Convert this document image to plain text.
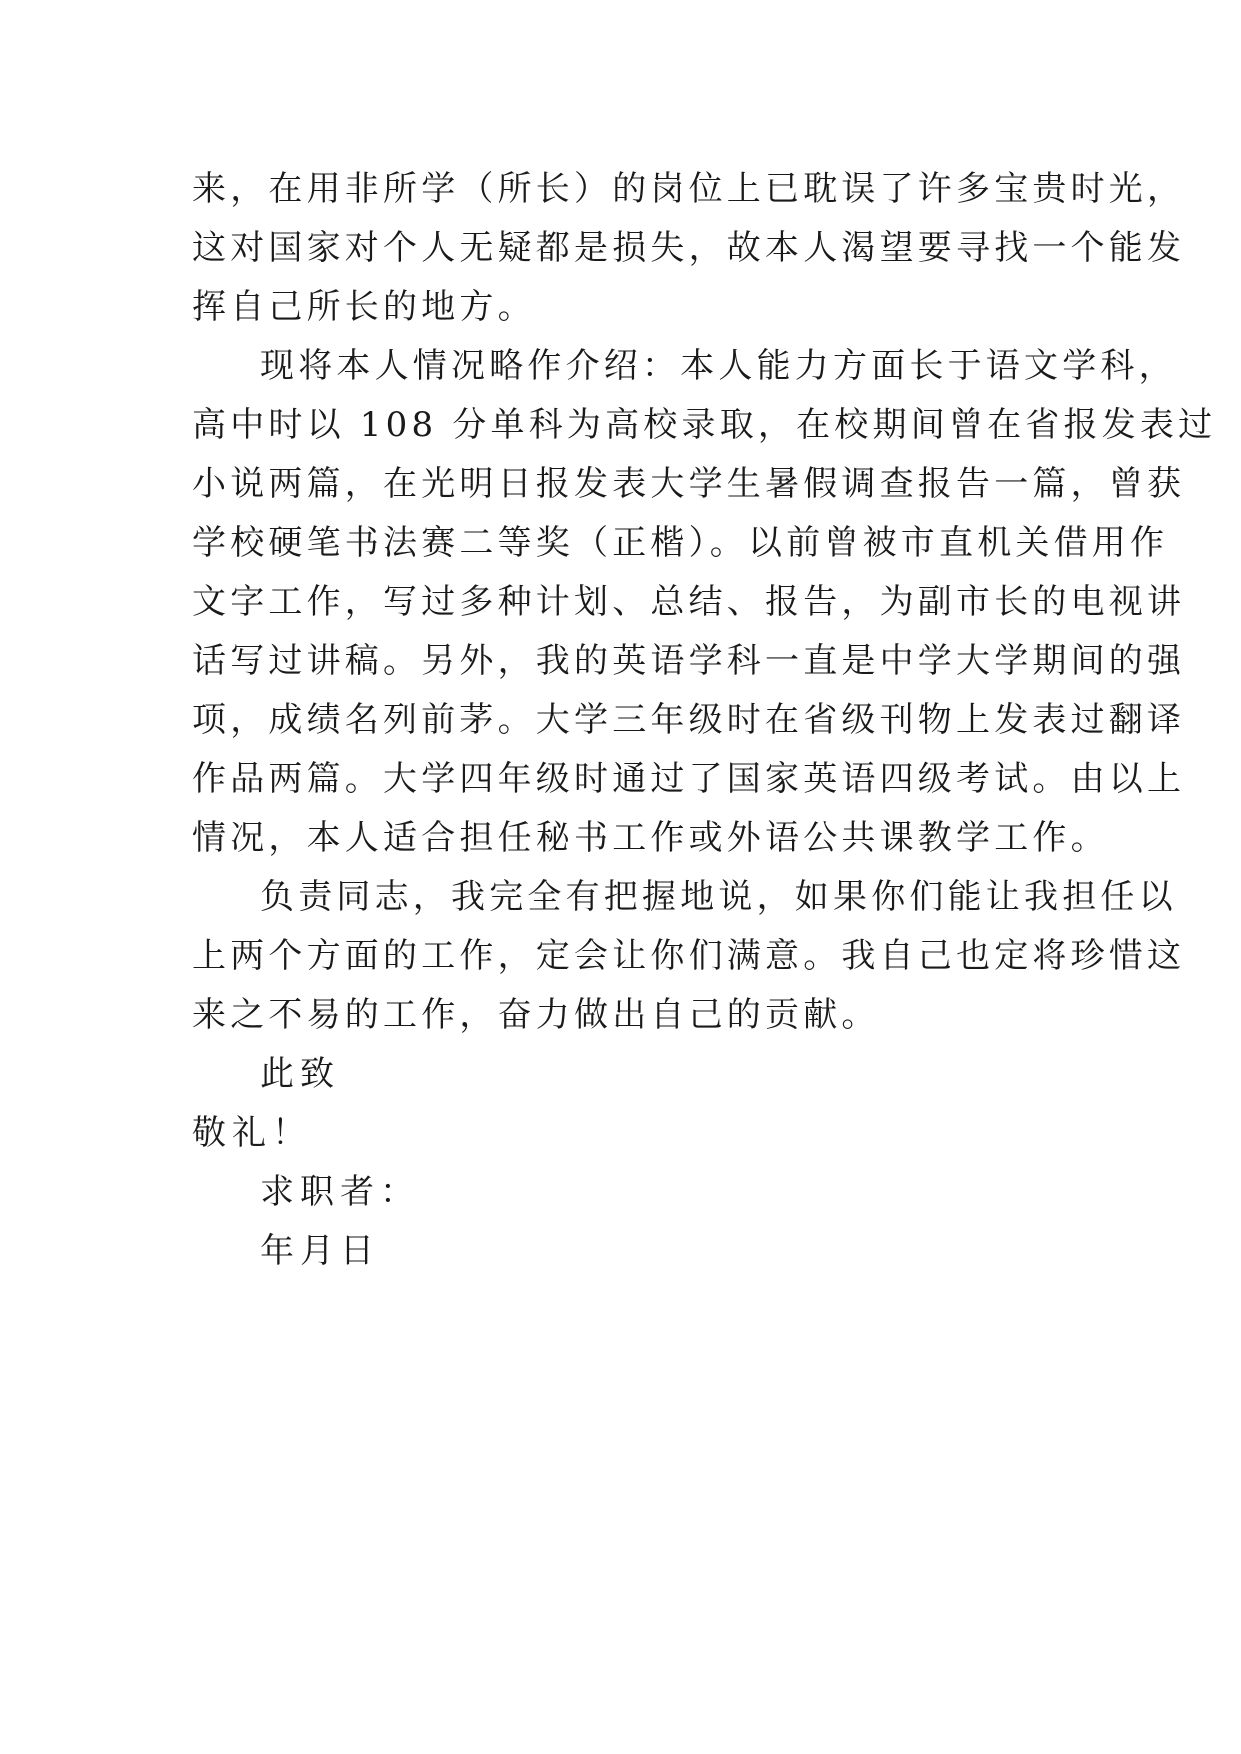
来，在用非所学（所长）的岗位上已耽误了许多宝贵时光，
这对国家对个人无疑都是损失，故本人渴望要寻找一个能发
挥自己所长的地方。
现将本人情况略作介绍：本人能力方面长于语文学科，
高中时以 108 分单科为高校录取，在校期间曾在省报发表过
小说两篇，在光明日报发表大学生暑假调查报告一篇，曾获
学校硬笔书法赛二等奖（正楷）。以前曾被市直机关借用作
文字工作，写过多种计划、总结、报告，为副市长的电视讲
话写过讲稿。另外，我的英语学科一直是中学大学期间的强
项，成绩名列前茅。大学三年级时在省级刊物上发表过翻译
作品两篇。大学四年级时通过了国家英语四级考试。由以上
情况，本人适合担任秘书工作或外语公共课教学工作。
负责同志，我完全有把握地说，如果你们能让我担任以
上两个方面的工作，定会让你们满意。我自己也定将珍惜这
来之不易的工作，奋力做出自己的贡献。
此致
敬礼！
求职者：
年月日
